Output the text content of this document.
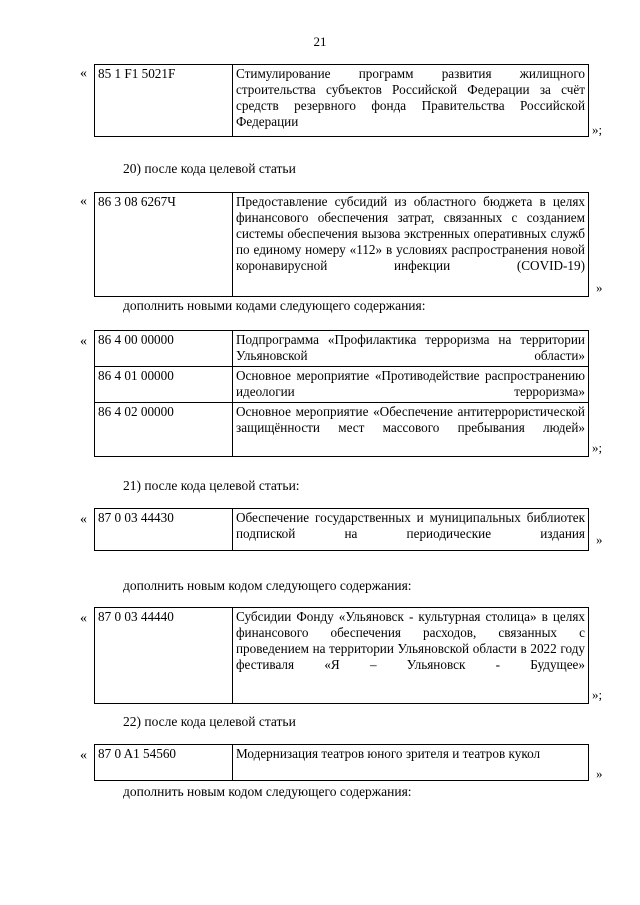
21
« 85 1 F1 5021F	Стимулирование программ развития жилищного строительства субъектов Российской Федерации за счёт средств резервного фонда Правительства Российской Федерации
»;
20) после кода целевой статьи
« 86 3 08 6267Ч	Предоставление субсидий из областного бюджета в целях финансового обеспечения затрат, связанных с созданием системы обеспечения вызова экстренных оперативных служб по единому номеру «112» в условиях распространения новой коронавирусной инфекции (COVID-19)
»
дополнить новыми кодами следующего содержания:
« 86 4 00 00000	Подпрограмма «Профилактика терроризма на территории Ульяновской области»
86 4 01 00000	Основное мероприятие «Противодействие распространению идеологии терроризма»
86 4 02 00000	Основное мероприятие «Обеспечение антитеррористической защищённости мест массового пребывания людей»
»;
21) после кода целевой статьи:
« 87 0 03 44430	Обеспечение государственных и муниципальных библиотек подпиской на периодические издания »
дополнить новым кодом следующего содержания:
« 87 0 03 44440	Субсидии Фонду «Ульяновск - культурная столица» в целях финансового обеспечения расходов, связанных с проведением на территории Ульяновской области в 2022 году фестиваля «Я – Ульяновск - Будущее»
»;
22) после кода целевой статьи
« 87 0 A1 54560	Модернизация театров юного зрителя и театров кукол
»
дополнить новым кодом следующего содержания:
